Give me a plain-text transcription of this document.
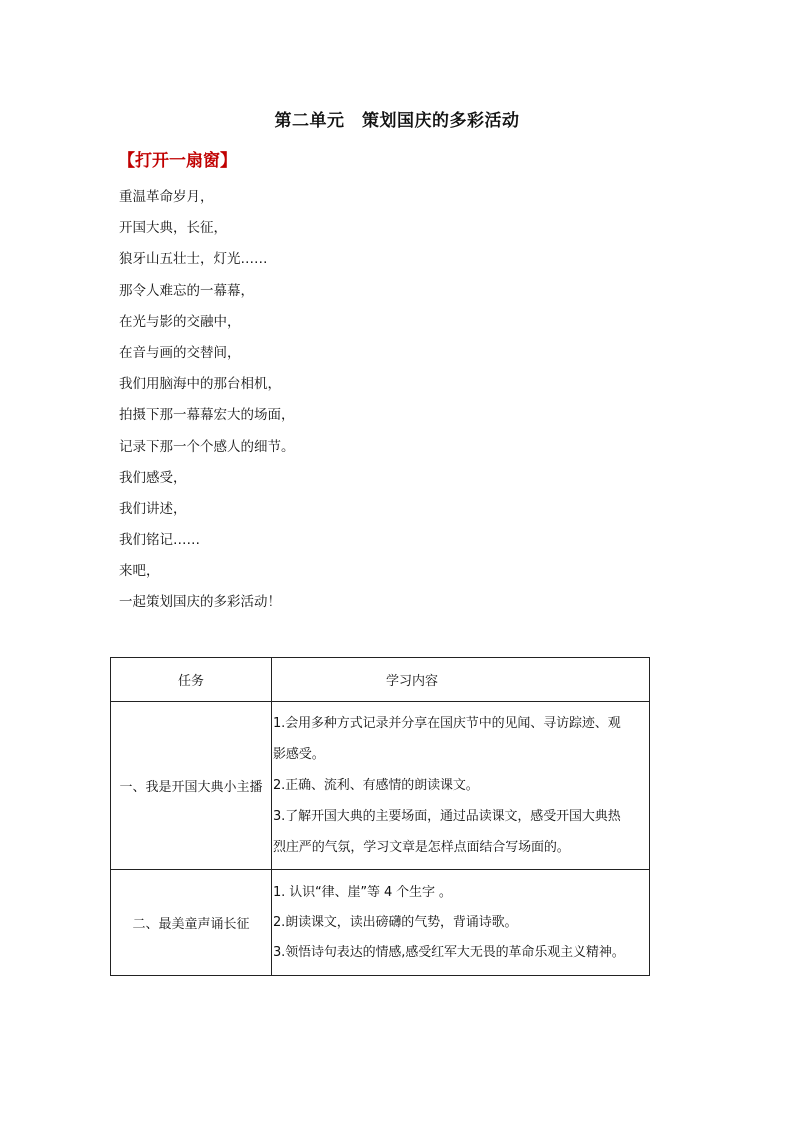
第二单元　策划国庆的多彩活动
【打开一扇窗】
重温革命岁月，
开国大典，长征，
狼牙山五壮士，灯光……
那令人难忘的一幕幕，
在光与影的交融中，
在音与画的交替间，
我们用脑海中的那台相机，
拍摄下那一幕幕宏大的场面，
记录下那一个个感人的细节。
我们感受，
我们讲述，
我们铭记……
来吧，
一起策划国庆的多彩活动！
任务	学习内容
一、我是开国大典小主播	1.会用多种方式记录并分享在国庆节中的见闻、寻访踪迹、观

影感受。

2.正确、流利、有感情的朗读课文。

3.了解开国大典的主要场面，通过品读课文，感受开国大典热

烈庄严的气氛，学习文章是怎样点面结合写场面的。

二、最美童声诵长征	1. 认识“律、崖”等 4 个生字 。

2.朗读课文，读出磅礴的气势，背诵诗歌。

3.领悟诗句表达的情感,感受红军大无畏的革命乐观主义精神。
